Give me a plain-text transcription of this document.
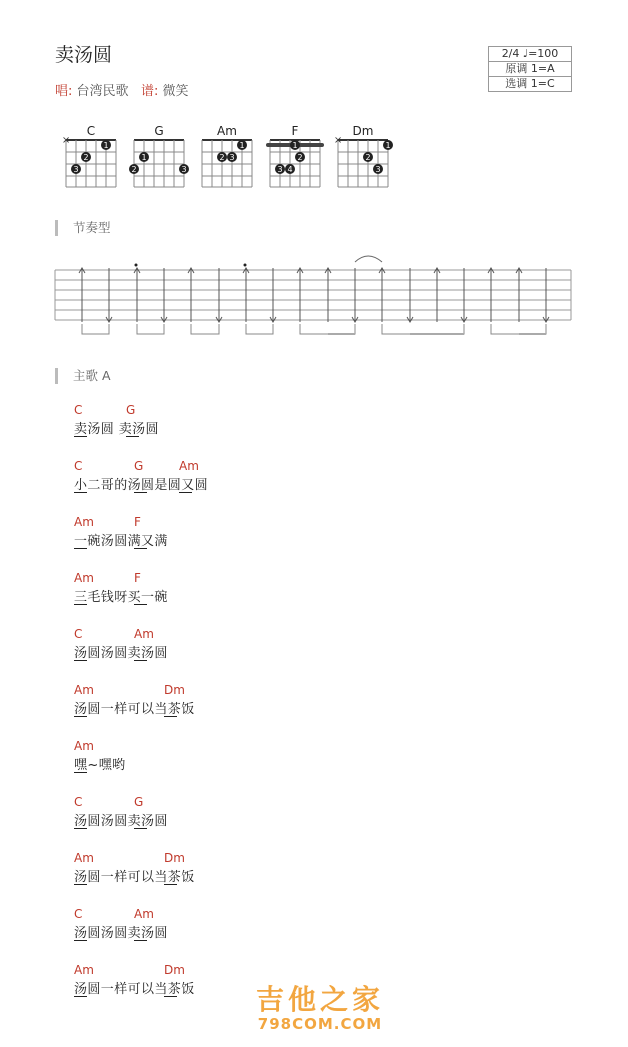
卖汤圆
唱: 台湾民歌 谱: 微笑
2/4 ♩=100
原调 1=A
选调 1=C
C
×	1
2
3
G
1
2	3
Am
1
2 3
F
1
2
3 4
Dm
×	1
2
3
节奏型
主歌 A
C	G
卖汤圆 卖汤圆
C	G	Am
小二哥的汤圆是圆又圆
Am	F
一碗汤圆满又满
Am	F
三毛钱呀买一碗
C	Am
汤圆汤圆卖汤圆
Am	Dm
汤圆一样可以当茶饭
Am
嘿~嘿哟
C	G
汤圆汤圆卖汤圆
Am	Dm
汤圆一样可以当茶饭
C	Am
汤圆汤圆卖汤圆
Am	Dm
汤圆一样可以当茶饭	吉他之家
798COM.COM
